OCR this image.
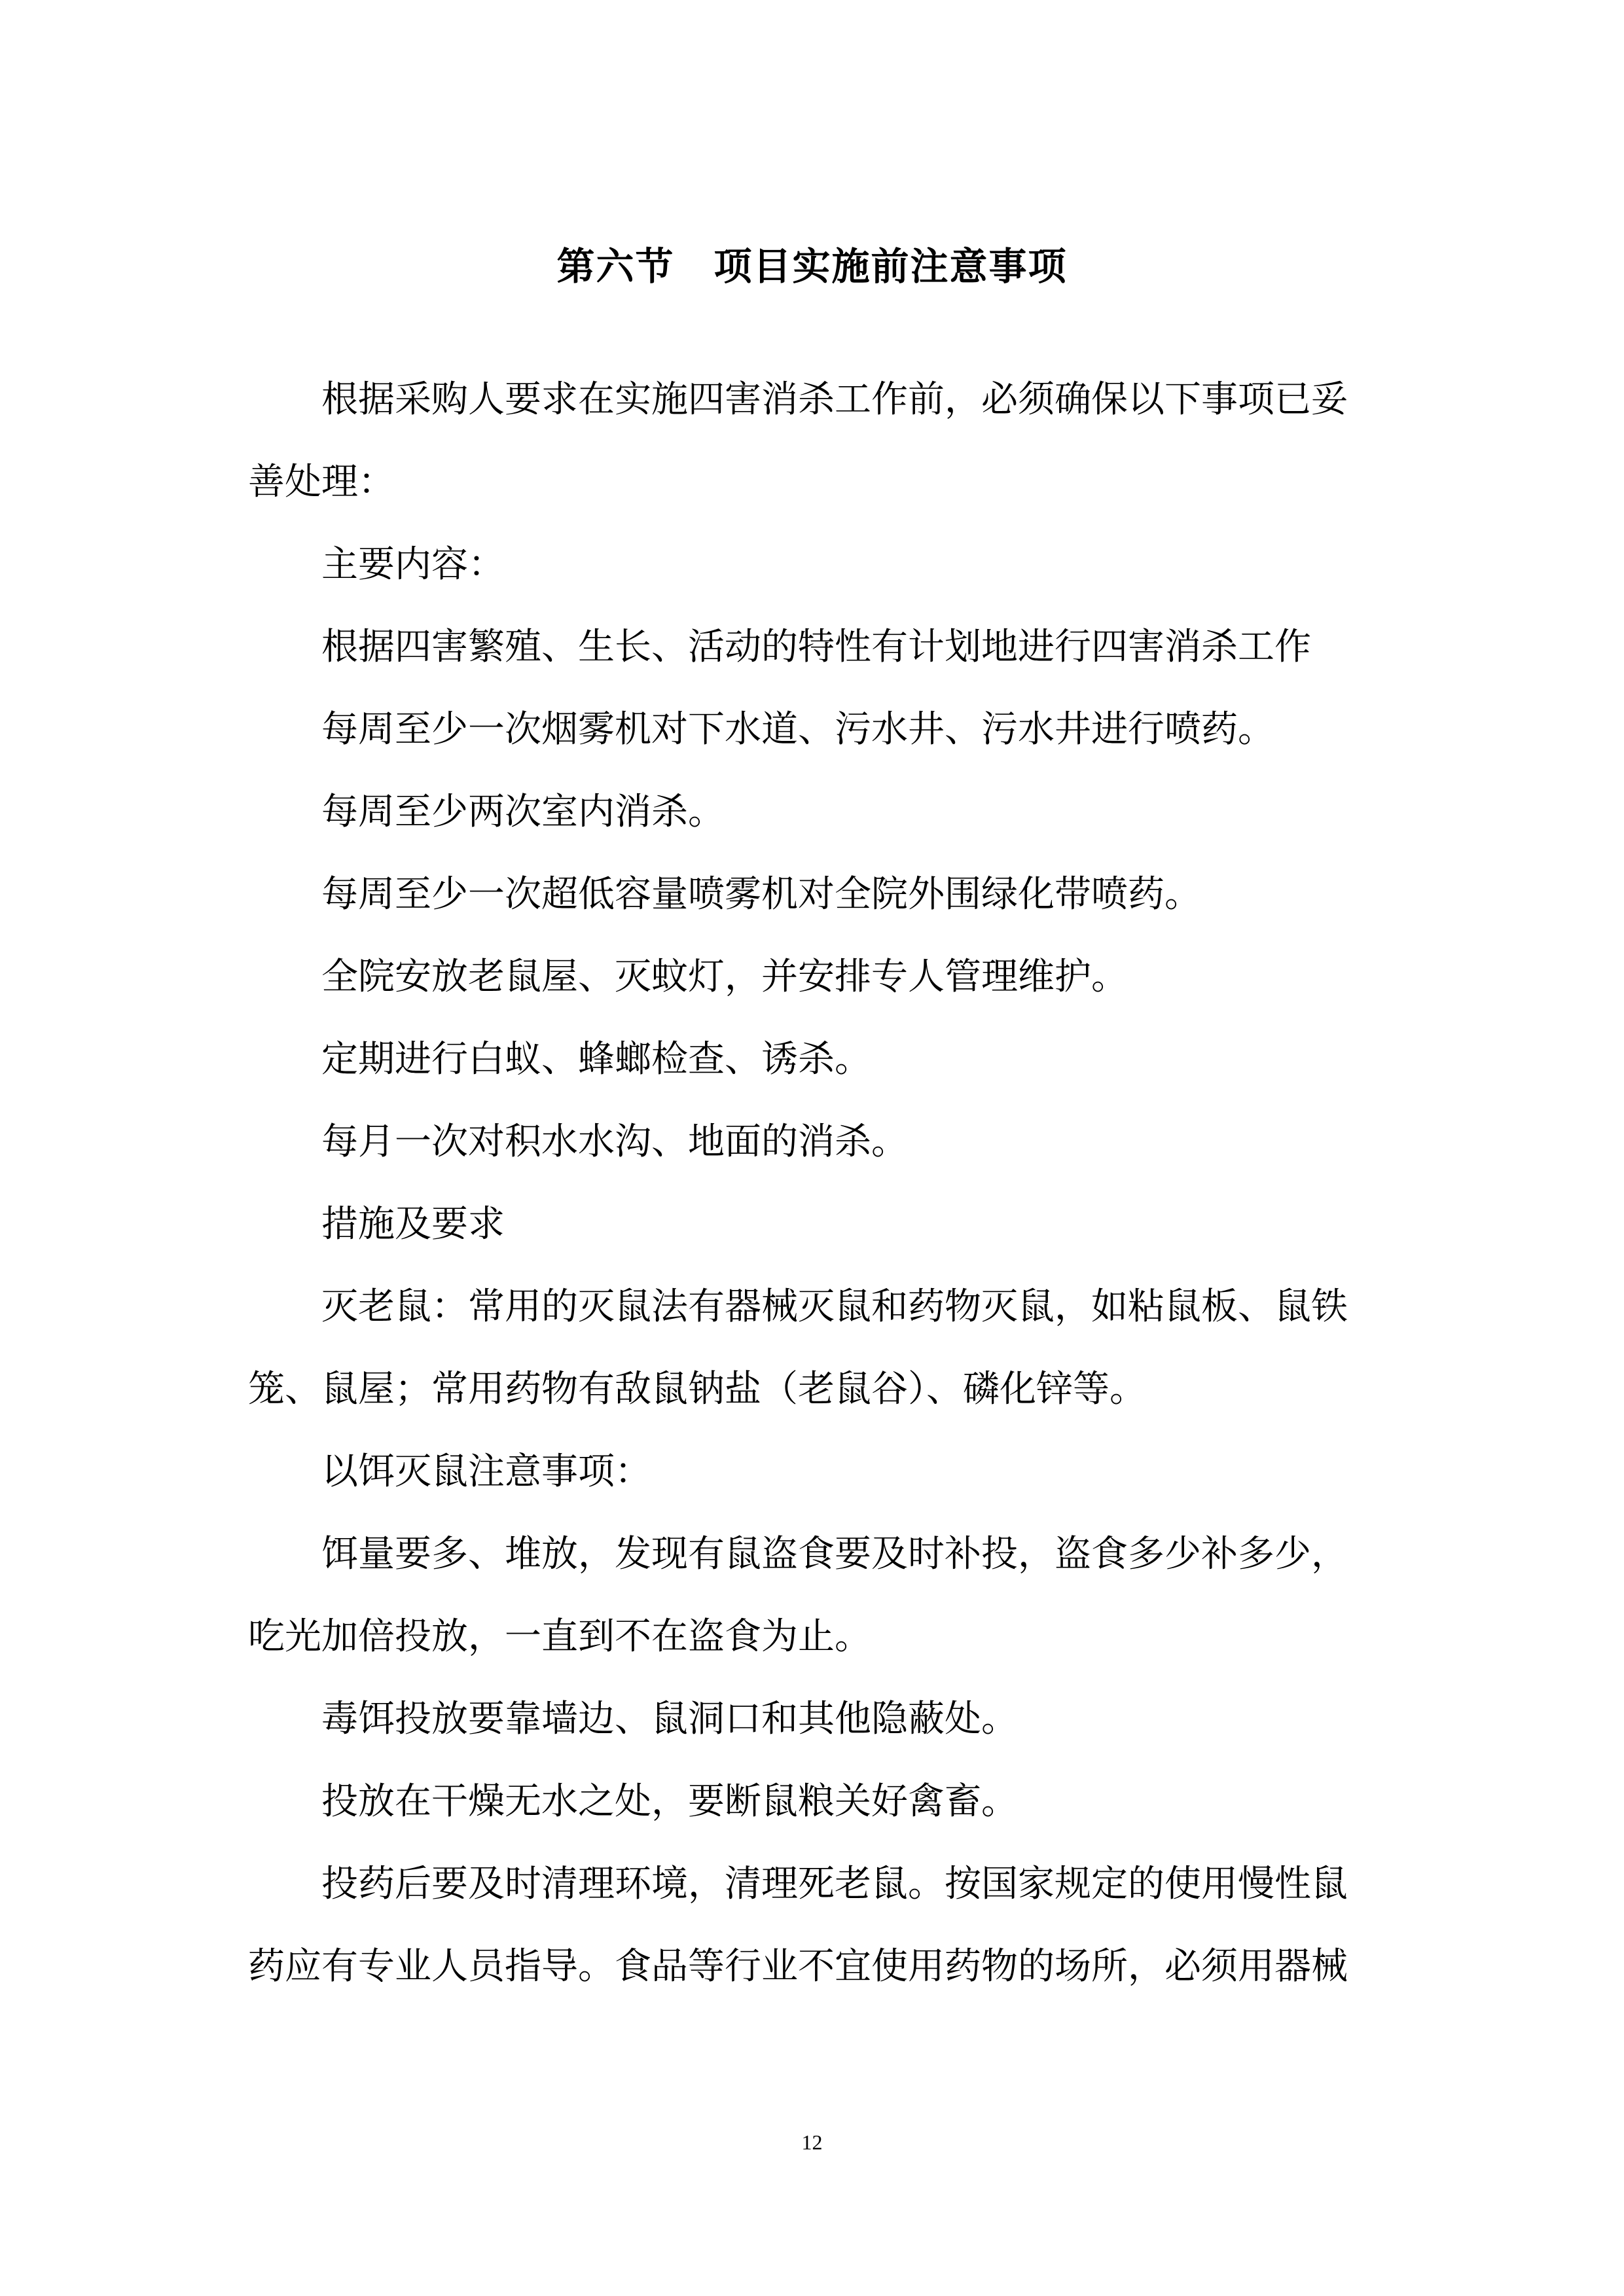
第六节　项目实施前注意事项

根据采购人要求在实施四害消杀工作前，必须确保以下事项已妥
善处理：

主要内容：

根据四害繁殖、生长、活动的特性有计划地进行四害消杀工作

每周至少一次烟雾机对下水道、污水井、污水井进行喷药。

每周至少两次室内消杀。

每周至少一次超低容量喷雾机对全院外围绿化带喷药。

全院安放老鼠屋、灭蚊灯，并安排专人管理维护。

定期进行白蚁、蜂螂检查、诱杀。

每月一次对积水水沟、地面的消杀。

措施及要求

灭老鼠：常用的灭鼠法有器械灭鼠和药物灭鼠，如粘鼠板、鼠铁
笼、鼠屋；常用药物有敌鼠钠盐（老鼠谷）、磷化锌等。

以饵灭鼠注意事项：

饵量要多、堆放，发现有鼠盗食要及时补投，盗食多少补多少，
吃光加倍投放，一直到不在盗食为止。

毒饵投放要靠墙边、鼠洞口和其他隐蔽处。

投放在干燥无水之处，要断鼠粮关好禽畜。

投药后要及时清理环境，清理死老鼠。按国家规定的使用慢性鼠
药应有专业人员指导。食品等行业不宜使用药物的场所，必须用器械

12
